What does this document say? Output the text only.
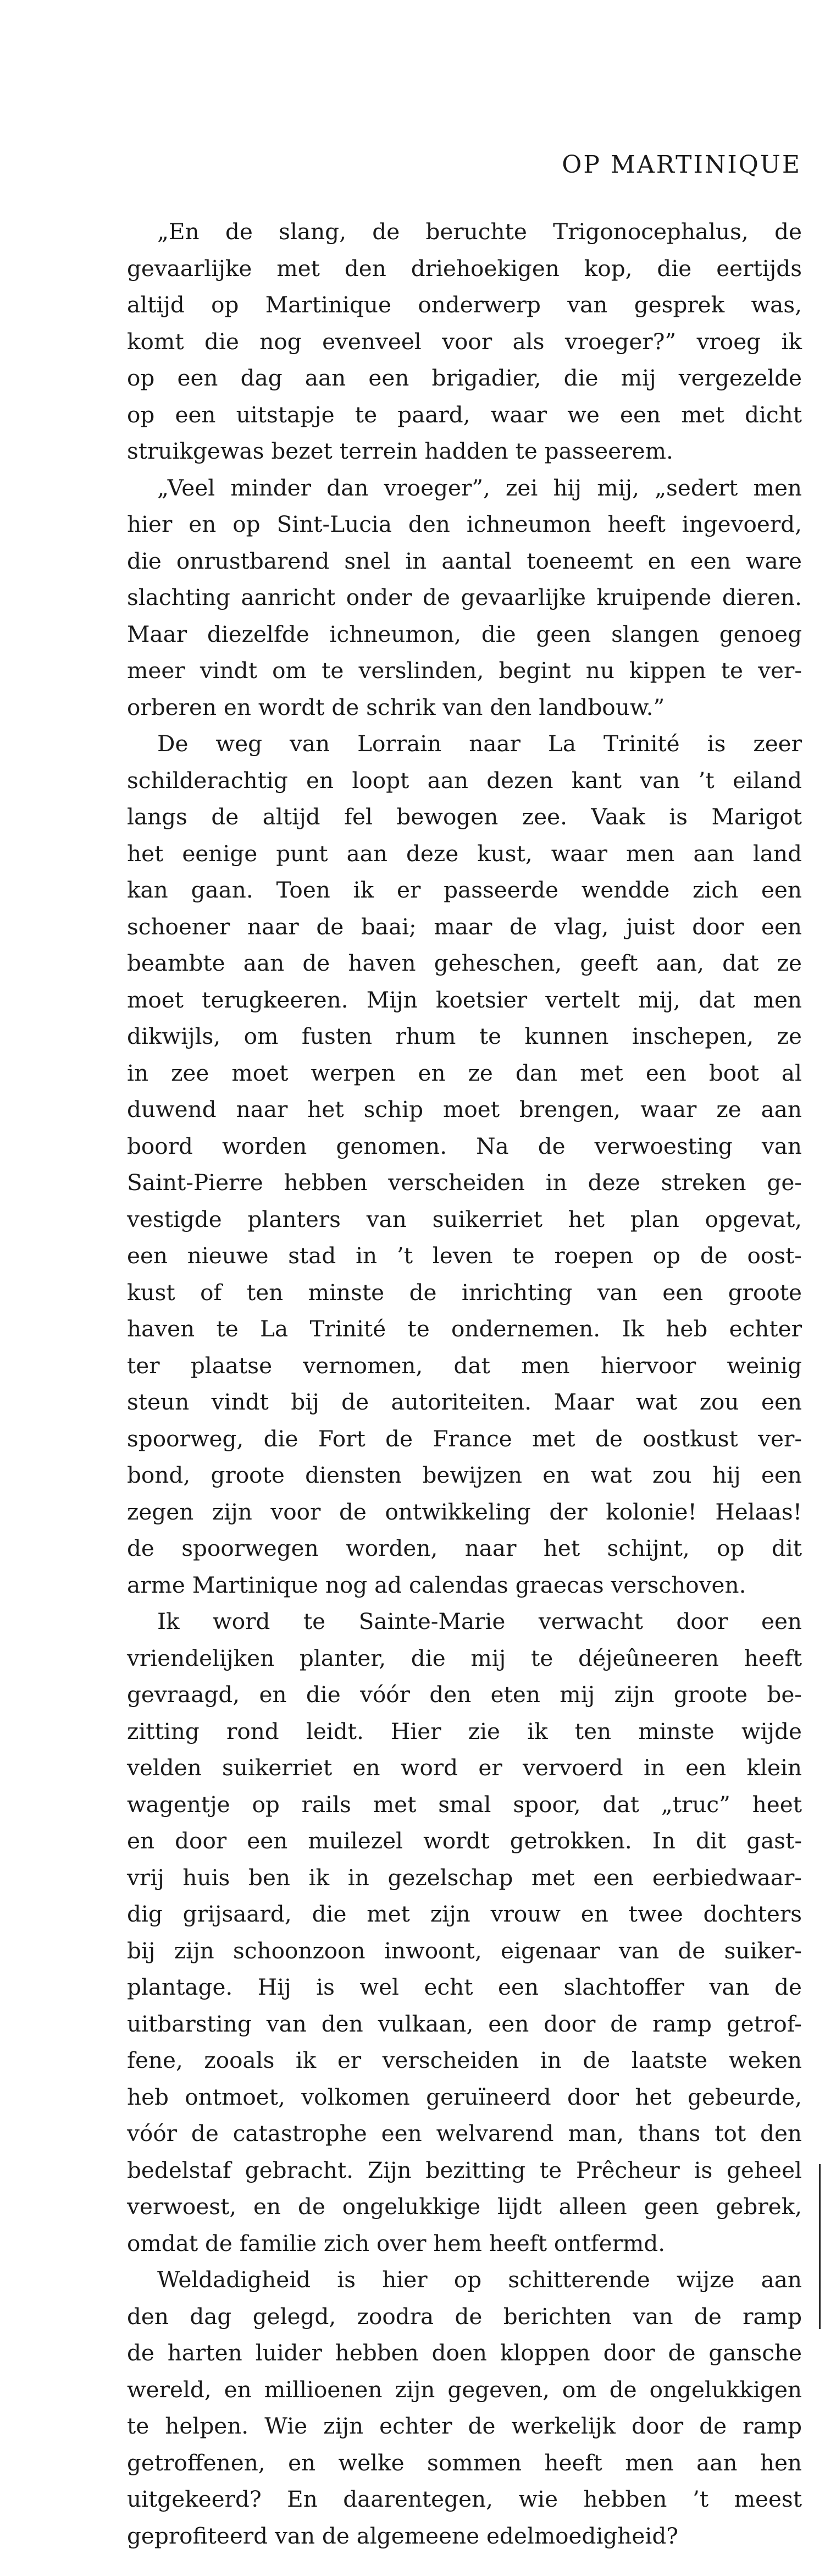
OP MARTINIQUE

„En de slang, de beruchte Trigonocephalus, de
gevaarlijke met den driehoekigen kop, die eertijds
altijd op Martinique onderwerp van gesprek was,
komt die nog evenveel voor als vroeger?” vroeg ik
op een dag aan een brigadier, die mij vergezelde
op een uitstapje te paard, waar we een met dicht
struikgewas bezet terrein hadden te passeerem.

„Veel minder dan vroeger”, zei hij mij, „sedert men
hier en op Sint-Lucia den ichneumon heeft ingevoerd,
die onrustbarend snel in aantal toeneemt en een ware
slachting aanricht onder de gevaarlijke kruipende dieren.
Maar diezelfde ichneumon, die geen slangen genoeg
meer vindt om te verslinden, begint nu kippen te ver-
orberen en wordt de schrik van den landbouw.”

De weg van Lorrain naar La Trinité is zeer
schilderachtig en loopt aan dezen kant van ’t eiland
langs de altijd fel bewogen zee. Vaak is Marigot
het eenige punt aan deze kust, waar men aan land
kan gaan. Toen ik er passeerde wendde zich een
schoener naar de baai; maar de vlag, juist door een
beambte aan de haven geheschen, geeft aan, dat ze
moet terugkeeren. Mijn koetsier vertelt mij, dat men
dikwijls, om fusten rhum te kunnen inschepen, ze
in zee moet werpen en ze dan met een boot al
duwend naar het schip moet brengen, waar ze aan
boord worden genomen. Na de verwoesting van
Saint-Pierre hebben verscheiden in deze streken ge-
vestigde planters van suikerriet het plan opgevat,
een nieuwe stad in ’t leven te roepen op de oost-
kust of ten minste de inrichting van een groote
haven te La Trinité te ondernemen. Ik heb echter
ter plaatse vernomen, dat men hiervoor weinig
steun vindt bij de autoriteiten. Maar wat zou een
spoorweg, die Fort de France met de oostkust ver-
bond, groote diensten bewijzen en wat zou hij een
zegen zijn voor de ontwikkeling der kolonie! Helaas!
de spoorwegen worden, naar het schijnt, op dit
arme Martinique nog ad calendas graecas verschoven.

Ik word te Sainte-Marie verwacht door een
vriendelijken planter, die mij te déjeûneeren heeft
gevraagd, en die vóór den eten mij zijn groote be-
zitting rond leidt. Hier zie ik ten minste wijde
velden suikerriet en word er vervoerd in een klein
wagentje op rails met smal spoor, dat „truc” heet
en door een muilezel wordt getrokken. In dit gast-
vrij huis ben ik in gezelschap met een eerbiedwaar-
dig grijsaard, die met zijn vrouw en twee dochters
bij zijn schoonzoon inwoont, eigenaar van de suiker-
plantage. Hij is wel echt een slachtoffer van de
uitbarsting van den vulkaan, een door de ramp getrof-
fene, zooals ik er verscheiden in de laatste weken
heb ontmoet, volkomen geruïneerd door het gebeurde,
vóór de catastrophe een welvarend man, thans tot den
bedelstaf gebracht. Zijn bezitting te Prêcheur is geheel
verwoest, en de ongelukkige lijdt alleen geen gebrek,
omdat de familie zich over hem heeft ontfermd.

Weldadigheid is hier op schitterende wijze aan
den dag gelegd, zoodra de berichten van de ramp
de harten luider hebben doen kloppen door de gansche
wereld, en millioenen zijn gegeven, om de ongelukkigen
te helpen. Wie zijn echter de werkelijk door de ramp
getroffenen, en welke sommen heeft men aan hen
uitgekeerd? En daarentegen, wie hebben ’t meest
geprofiteerd van de algemeene edelmoedigheid?
